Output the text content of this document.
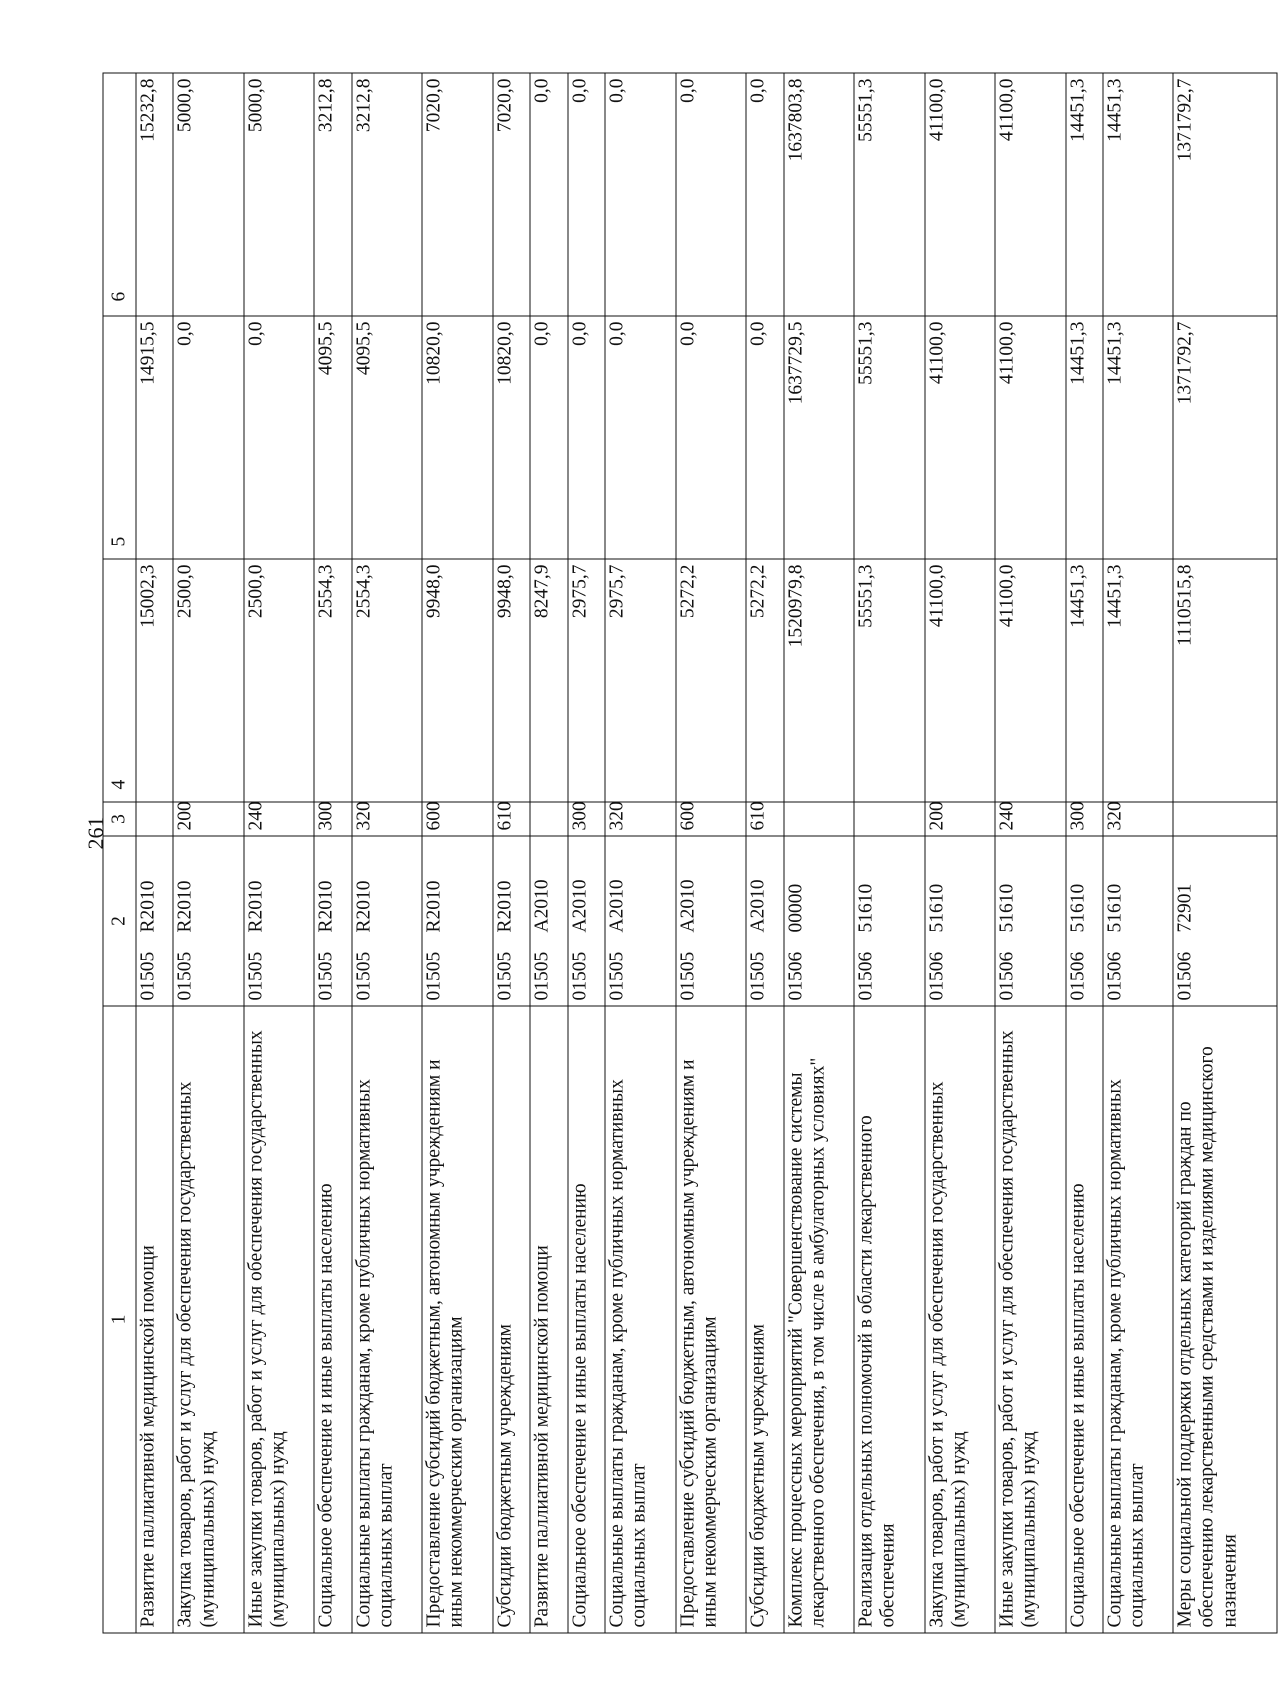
261
1	2	3	4	5	6
Развитие паллиативной медицинской помощи	01505R2010		15002,3	14915,5	15232,8
Закупка товаров, работ и услуг для обеспечения государственных (муниципальных) нужд	01505R2010	200	2500,0	0,0	5000,0
Иные закупки товаров, работ и услуг для обеспечения государственных (муниципальных) нужд	01505R2010	240	2500,0	0,0	5000,0
Социальное обеспечение и иные выплаты населению	01505R2010	300	2554,3	4095,5	3212,8
Социальные выплаты гражданам, кроме публичных нормативных социальных выплат	01505R2010	320	2554,3	4095,5	3212,8
Предоставление субсидий бюджетным, автономным учреждениям и иным некоммерческим организациям	01505R2010	600	9948,0	10820,0	7020,0
Субсидии бюджетным учреждениям	01505R2010	610	9948,0	10820,0	7020,0
Развитие паллиативной медицинской помощи	01505A2010		8247,9	0,0	0,0
Социальное обеспечение и иные выплаты населению	01505A2010	300	2975,7	0,0	0,0
Социальные выплаты гражданам, кроме публичных нормативных социальных выплат	01505A2010	320	2975,7	0,0	0,0
Предоставление субсидий бюджетным, автономным учреждениям и иным некоммерческим организациям	01505A2010	600	5272,2	0,0	0,0
Субсидии бюджетным учреждениям	01505A2010	610	5272,2	0,0	0,0
Комплекс процессных мероприятий "Совершенствование системы лекарственного обеспечения, в том числе в амбулаторных условиях"	0150600000		1520979,8	1637729,5	1637803,8
Реализация отдельных полномочий в области лекарственного обеспечения	0150651610		55551,3	55551,3	55551,3
Закупка товаров, работ и услуг для обеспечения государственных (муниципальных) нужд	0150651610	200	41100,0	41100,0	41100,0
Иные закупки товаров, работ и услуг для обеспечения государственных (муниципальных) нужд	0150651610	240	41100,0	41100,0	41100,0
Социальное обеспечение и иные выплаты населению	0150651610	300	14451,3	14451,3	14451,3
Социальные выплаты гражданам, кроме публичных нормативных социальных выплат	0150651610	320	14451,3	14451,3	14451,3
Меры социальной поддержки отдельных категорий граждан по обеспечению лекарственными средствами и изделиями медицинского назначения	0150672901		1110515,8	1371792,7	1371792,7
